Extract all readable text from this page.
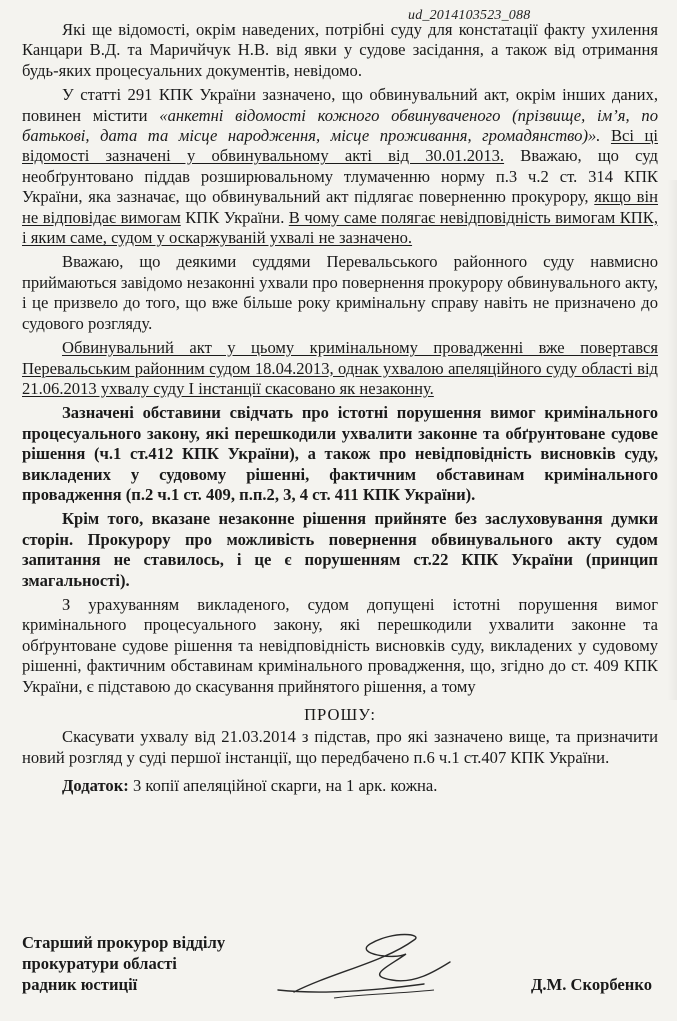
ud_2014103523_088

Які ще відомості, окрім наведених, потрібні суду для констатації факту ухилення Канцари В.Д. та Маричйчук Н.В. від явки у судове засідання, а також від отримання будь-яких процесуальних документів, невідомо.

У статті 291 КПК України зазначено, що обвинувальний акт, окрім інших даних, повинен містити «анкетні відомості кожного обвинуваченого (прізвище, ім’я, по батькові, дата та місце народження, місце проживання, громадянство)». Всі ці відомості зазначені у обвинувальному акті від 30.01.2013. Вважаю, що суд необґрунтовано піддав розширювальному тлумаченню норму п.3 ч.2 ст. 314 КПК України, яка зазначає, що обвинувальний акт підлягає поверненню прокурору, якщо він не відповідає вимогам КПК України. В чому саме полягає невідповідність вимогам КПК, і яким саме, судом у оскаржуваній ухвалі не зазначено.

Вважаю, що деякими суддями Перевальського районного суду навмисно приймаються завідомо незаконні ухвали про повернення прокурору обвинувального акту, і це призвело до того, що вже більше року кримінальну справу навіть не призначено до судового розгляду.

Обвинувальний акт у цьому кримінальному провадженні вже повертався Перевальським районним судом 18.04.2013, однак ухвалою апеляційного суду області від 21.06.2013 ухвалу суду І інстанції скасовано як незаконну.

Зазначені обставини свідчать про істотні порушення вимог кримінального процесуального закону, які перешкодили ухвалити законне та обґрунтоване судове рішення (ч.1 ст.412 КПК України), а також про невідповідність висновків суду, викладених у судовому рішенні, фактичним обставинам кримінального провадження (п.2 ч.1 ст. 409, п.п.2, 3, 4 ст. 411 КПК України).

Крім того, вказане незаконне рішення прийняте без заслуховування думки сторін. Прокурору про можливість повернення обвинувального акту судом запитання не ставилось, і це є порушенням ст.22 КПК України (принцип змагальності).

З урахуванням викладеного, судом допущені істотні порушення вимог кримінального процесуального закону, які перешкодили ухвалити законне та обґрунтоване судове рішення та невідповідність висновків суду, викладених у судовому рішенні, фактичним обставинам кримінального провадження, що, згідно до ст. 409 КПК України, є підставою до скасування прийнятого рішення, а тому

ПРОШУ:

Скасувати ухвалу від 21.03.2014 з підстав, про які зазначено вище, та призначити новий розгляд у суді першої інстанції, що передбачено п.6 ч.1 ст.407 КПК України.

Додаток: 3 копії апеляційної скарги, на 1 арк. кожна.

Старший прокурор відділу
прокуратури області
радник юстиції	Д.М. Скорбенко
